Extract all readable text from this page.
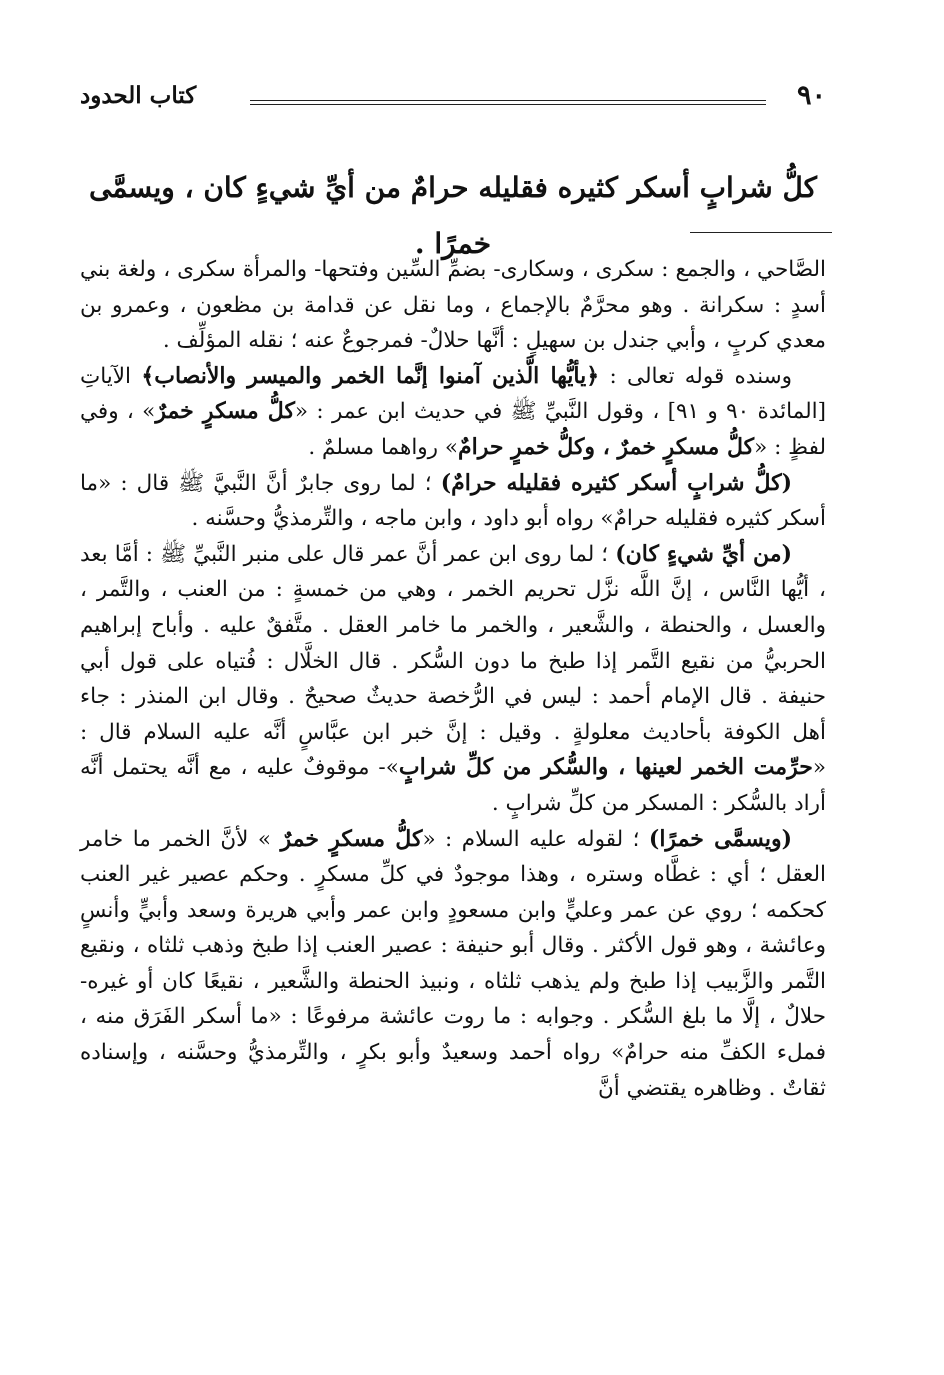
٩٠
كتاب الحدود
كلُّ شرابٍ أسكر كثيره فقليله حرامٌ من أيِّ شيءٍ كان ، ويسمَّى خمرًا .

الصَّاحي ، والجمع : سكرى ، وسكارى- بضمِّ السِّين وفتحها- والمرأة سكرى ، ولغة بني أسدٍ : سكرانة . وهو محرَّمٌ بالإجماع ، وما نقل عن قدامة بن مظعون ، وعمرو بن معدي كربٍ ، وأبي جندل بن سهيلٍ : أنَّها حلالٌ- فمرجوعٌ عنه ؛ نقله المؤلِّف .

وسنده قوله تعالى : ﴿يأيُّها الَّذين آمنوا إنَّما الخمر والميسر والأنصاب﴾ الآياتِ [المائدة ٩٠ و ٩١] ، وقول النَّبيِّ ﷺ في حديث ابن عمر : «كلُّ مسكرٍ خمرٌ» ، وفي لفظٍ : «كلُّ مسكرٍ خمرٌ ، وكلُّ خمرٍ حرامٌ» رواهما مسلمٌ .

(كلُّ شرابٍ أسكر كثيره فقليله حرامٌ) ؛ لما روى جابرٌ أنَّ النَّبيَّ ﷺ قال : «ما أسكر كثيره فقليله حرامٌ» رواه أبو داود ، وابن ماجه ، والتِّرمذيُّ وحسَّنه .

(من أيِّ شيءٍ كان) ؛ لما روى ابن عمر أنَّ عمر قال على منبر النَّبيِّ ﷺ : أمَّا بعد ، أيُّها النَّاس ، إنَّ اللَّه نزَّل تحريم الخمر ، وهي من خمسةٍ : من العنب ، والتَّمر ، والعسل ، والحنطة ، والشَّعير ، والخمر ما خامر العقل . متَّفقٌ عليه . وأباح إبراهيم الحربيُّ من نقيع التَّمر إذا طبخ ما دون السُّكر . قال الخلَّال : فُتياه على قول أبي حنيفة . قال الإمام أحمد : ليس في الرُّخصة حديثٌ صحيحٌ . وقال ابن المنذر : جاء أهل الكوفة بأحاديث معلولةٍ . وقيل : إنَّ خبر ابن عبَّاسٍ أنَّه عليه السلام قال : «حرِّمت الخمر لعينها ، والسُّكر من كلِّ شرابٍ»- موقوفٌ عليه ، مع أنَّه يحتمل أنَّه أراد بالسُّكر : المسكر من كلِّ شرابٍ .

(ويسمَّى خمرًا) ؛ لقوله عليه السلام : «كلُّ مسكرٍ خمرٌ » لأنَّ الخمر ما خامر العقل ؛ أي : غطَّاه وستره ، وهذا موجودٌ في كلِّ مسكرٍ . وحكم عصير غير العنب كحكمه ؛ روي عن عمر وعليٍّ وابن مسعودٍ وابن عمر وأبي هريرة وسعد وأبيٍّ وأنسٍ وعائشة ، وهو قول الأكثر . وقال أبو حنيفة : عصير العنب إذا طبخ وذهب ثلثاه ، ونقيع التَّمر والزَّبيب إذا طبخ ولم يذهب ثلثاه ، ونبيذ الحنطة والشَّعير ، نقيعًا كان أو غيره- حلالٌ ، إلَّا ما بلغ السُّكر . وجوابه : ما روت عائشة مرفوعًا : «ما أسكر الفَرَق منه ، فملء الكفِّ منه حرامٌ» رواه أحمد وسعيدٌ وأبو بكرٍ ، والتِّرمذيُّ وحسَّنه ، وإسناده ثقاتٌ . وظاهره يقتضي أنَّ
